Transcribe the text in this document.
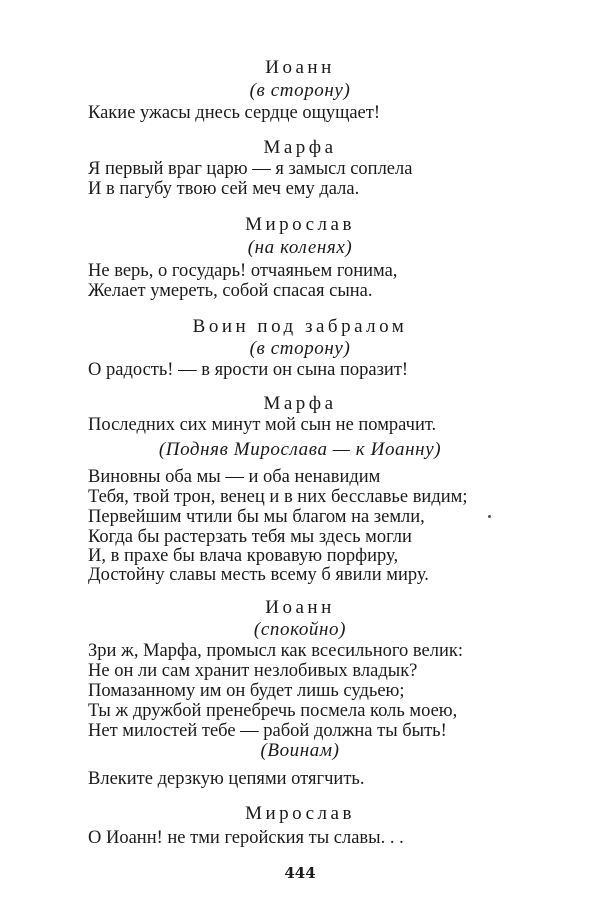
Иоанн
(в сторону)
Какие ужасы днесь сердце ощущает!
Марфа
Я первый враг царю — я замысл соплела
И в пагубу твою сей меч ему дала.
Мирослав
(на коленях)
Не верь, о государь! отчаяньем гонима,
Желает умереть, собой спасая сына.
Воин под забралом
(в сторону)
О радость! — в ярости он сына поразит!
Марфа
Последних сих минут мой сын не помрачит.
(Подняв Мирослава — к Иоанну)
Виновны оба мы — и оба ненавидим
Тебя, твой трон, венец и в них бесславье видим;
Первейшим чтили бы мы благом на земли,
Когда бы растерзать тебя мы здесь могли
И, в прахе бы влача кровавую порфиру,
Достойну славы месть всему б явили миру.
Иоанн
(спокойно)
Зри ж, Марфа, промысл как всесильного велик:
Не он ли сам хранит незлобивых владык?
Помазанному им он будет лишь судьею;
Ты ж дружбой пренебречь посмела коль моею,
Нет милостей тебе — рабой должна ты быть!
(Воинам)
Влеките дерзкую цепями отягчить.
Мирослав
О Иоанн! не тми геройския ты славы. . .
444
